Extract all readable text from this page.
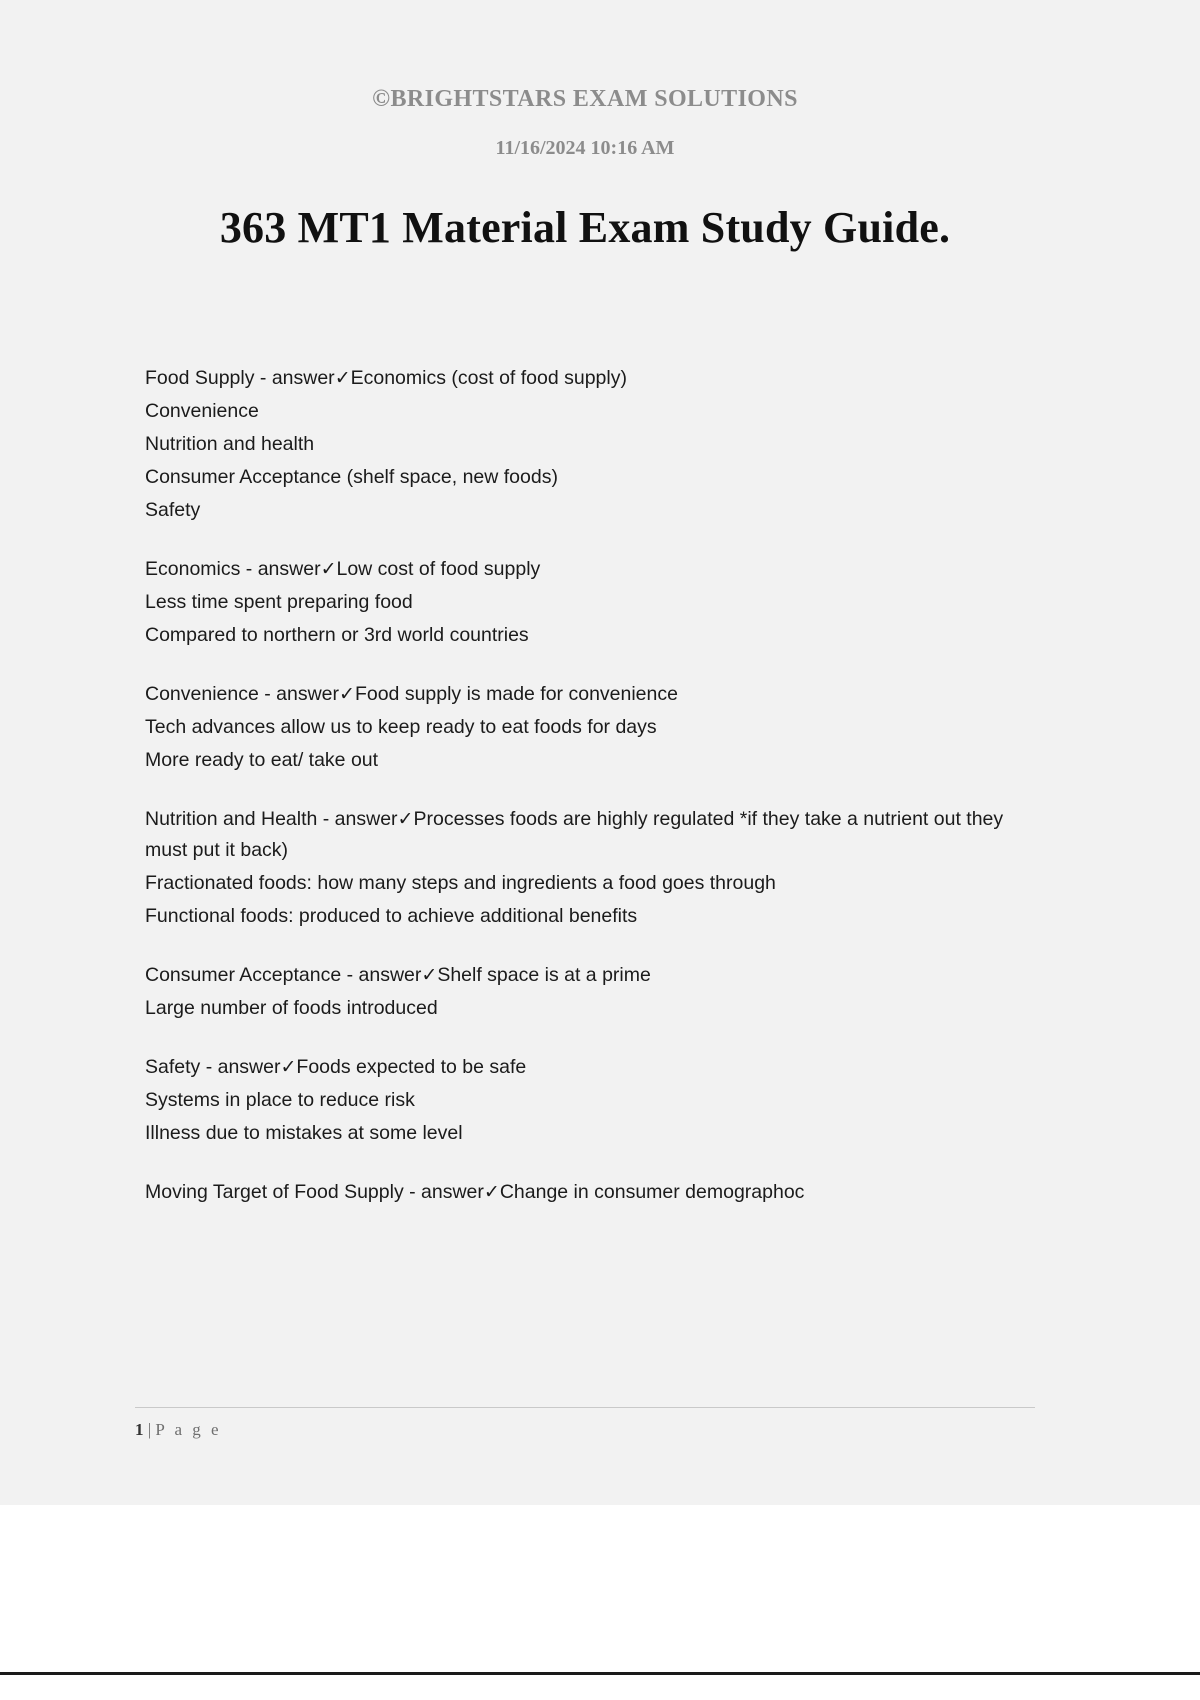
©BRIGHTSTARS EXAM SOLUTIONS
11/16/2024 10:16 AM
363 MT1 Material Exam Study Guide.
Food Supply - answer✓Economics (cost of food supply)
Convenience
Nutrition and health
Consumer Acceptance (shelf space, new foods)
Safety
Economics - answer✓Low cost of food supply
Less time spent preparing food
Compared to northern or 3rd world countries
Convenience - answer✓Food supply is made for convenience
Tech advances allow us to keep ready to eat foods for days
More ready to eat/ take out
Nutrition and Health - answer✓Processes foods are highly regulated *if they take a nutrient out they must put it back)
Fractionated foods: how many steps and ingredients a food goes through
Functional foods: produced to achieve additional benefits
Consumer Acceptance - answer✓Shelf space is at a prime
Large number of foods introduced
Safety - answer✓Foods expected to be safe
Systems in place to reduce risk
Illness due to mistakes at some level
Moving Target of Food Supply - answer✓Change in consumer demographoc
1 | P a g e
